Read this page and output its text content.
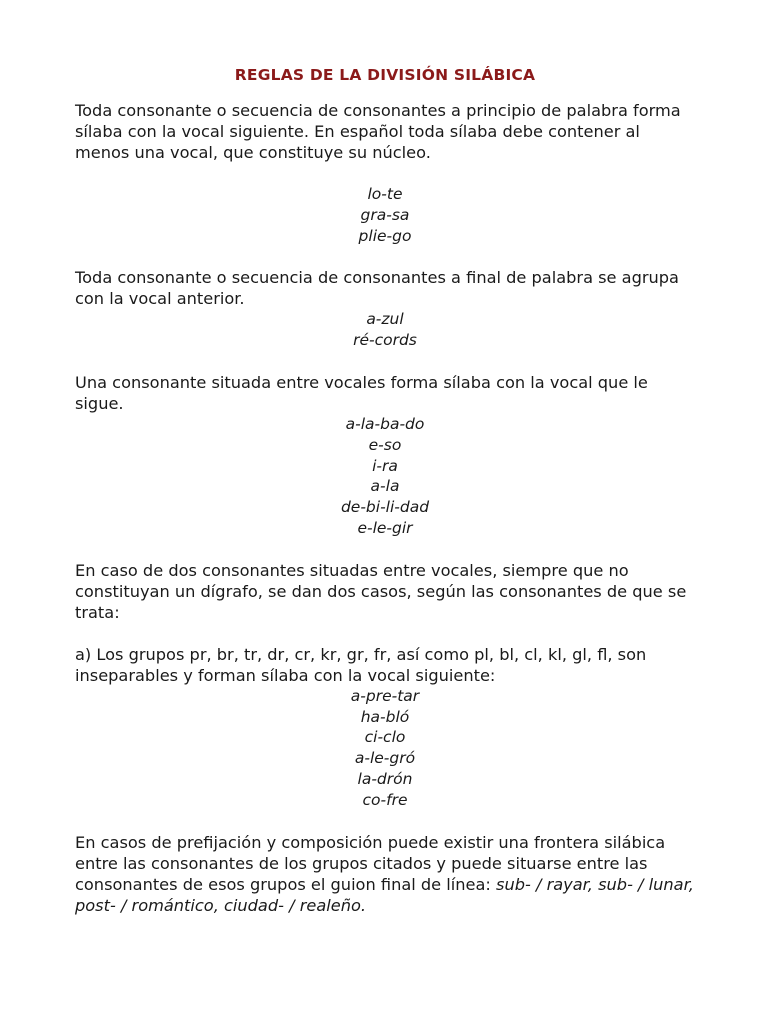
REGLAS DE LA DIVISIÓN SILÁBICA

Toda consonante o secuencia de consonantes a principio de palabra forma sílaba con la vocal siguiente. En español toda sílaba debe contener al menos una vocal, que constituye su núcleo.

lo-te
gra-sa
plie-go

Toda consonante o secuencia de consonantes a final de palabra se agrupa con la vocal anterior.

a-zul
ré-cords

Una consonante situada entre vocales forma sílaba con la vocal que le sigue.

a-la-ba-do
e-so
i-ra
a-la
de-bi-li-dad
e-le-gir

En caso de dos consonantes situadas entre vocales, siempre que no constituyan un dígrafo, se dan dos casos, según las consonantes de que se trata:

a) Los grupos pr, br, tr, dr, cr, kr, gr, fr, así como pl, bl, cl, kl, gl, fl, son inseparables y forman sílaba con la vocal siguiente:

a-pre-tar
ha-bló
ci-clo
a-le-gró
la-drón
co-fre

En casos de prefijación y composición puede existir una frontera silábica entre las consonantes de los grupos citados y puede situarse entre las consonantes de esos grupos el guion final de línea: sub- / rayar, sub- / lunar, post- / romántico, ciudad- / realeño.
